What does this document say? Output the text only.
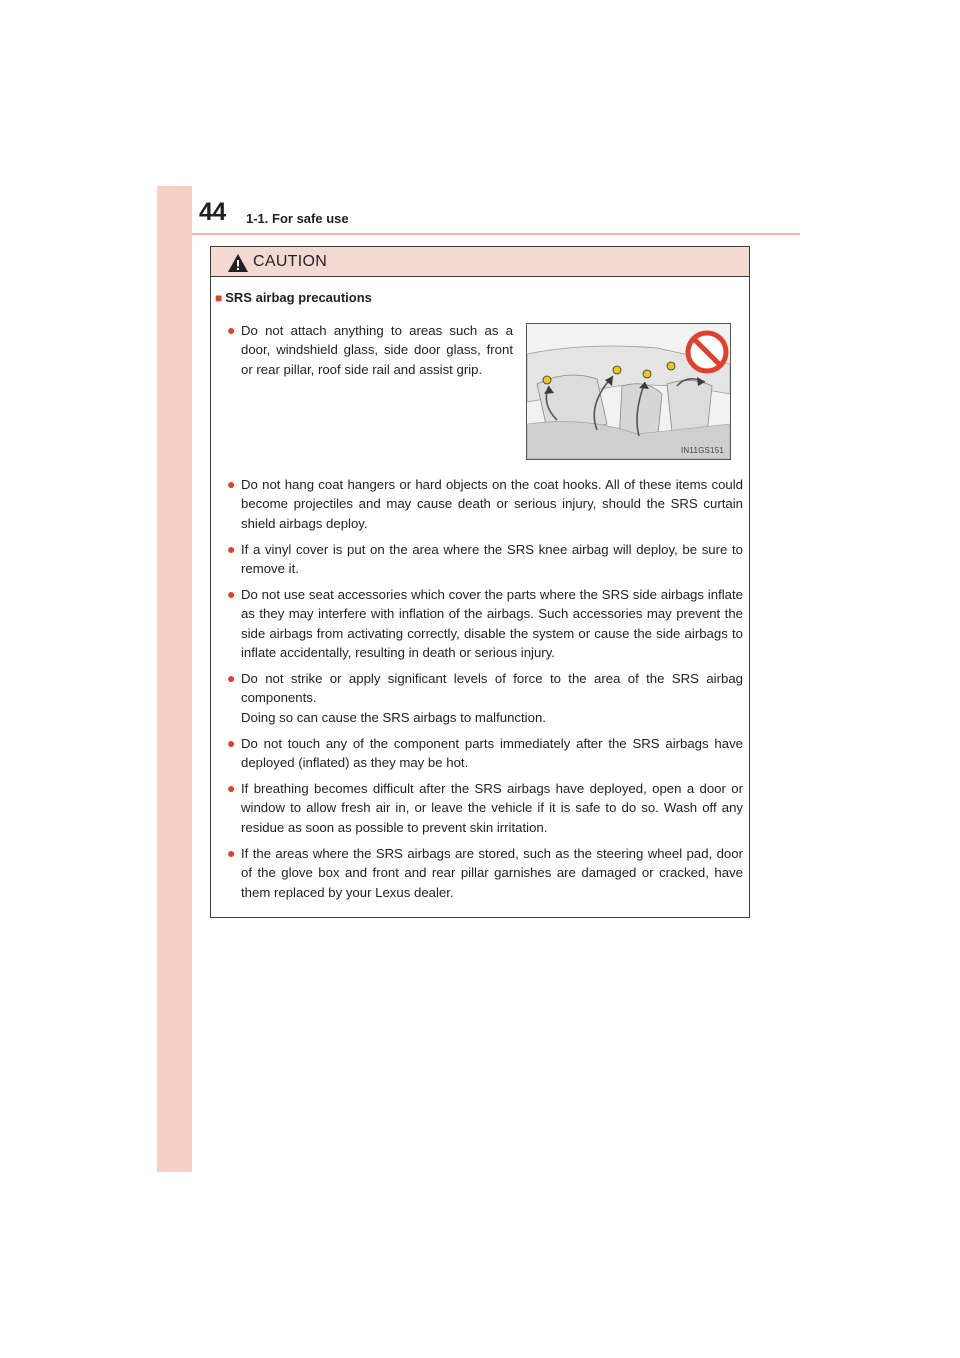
44 1-1. For safe use
CAUTION
■ SRS airbag precautions
● Do not attach anything to areas such as a door, windshield glass, side door glass, front or rear pillar, roof side rail and assist grip.
IN11GS151
● Do not hang coat hangers or hard objects on the coat hooks. All of these items could become projectiles and may cause death or serious injury, should the SRS curtain shield airbags deploy.
● If a vinyl cover is put on the area where the SRS knee airbag will deploy, be sure to remove it.
● Do not use seat accessories which cover the parts where the SRS side airbags inflate as they may interfere with inflation of the airbags. Such accessories may prevent the side airbags from activating correctly, disable the system or cause the side airbags to inflate accidentally, resulting in death or serious injury.
● Do not strike or apply significant levels of force to the area of the SRS airbag components.
Doing so can cause the SRS airbags to malfunction.
● Do not touch any of the component parts immediately after the SRS airbags have deployed (inflated) as they may be hot.
● If breathing becomes difficult after the SRS airbags have deployed, open a door or window to allow fresh air in, or leave the vehicle if it is safe to do so. Wash off any residue as soon as possible to prevent skin irritation.
● If the areas where the SRS airbags are stored, such as the steering wheel pad, door of the glove box and front and rear pillar garnishes are damaged or cracked, have them replaced by your Lexus dealer.
